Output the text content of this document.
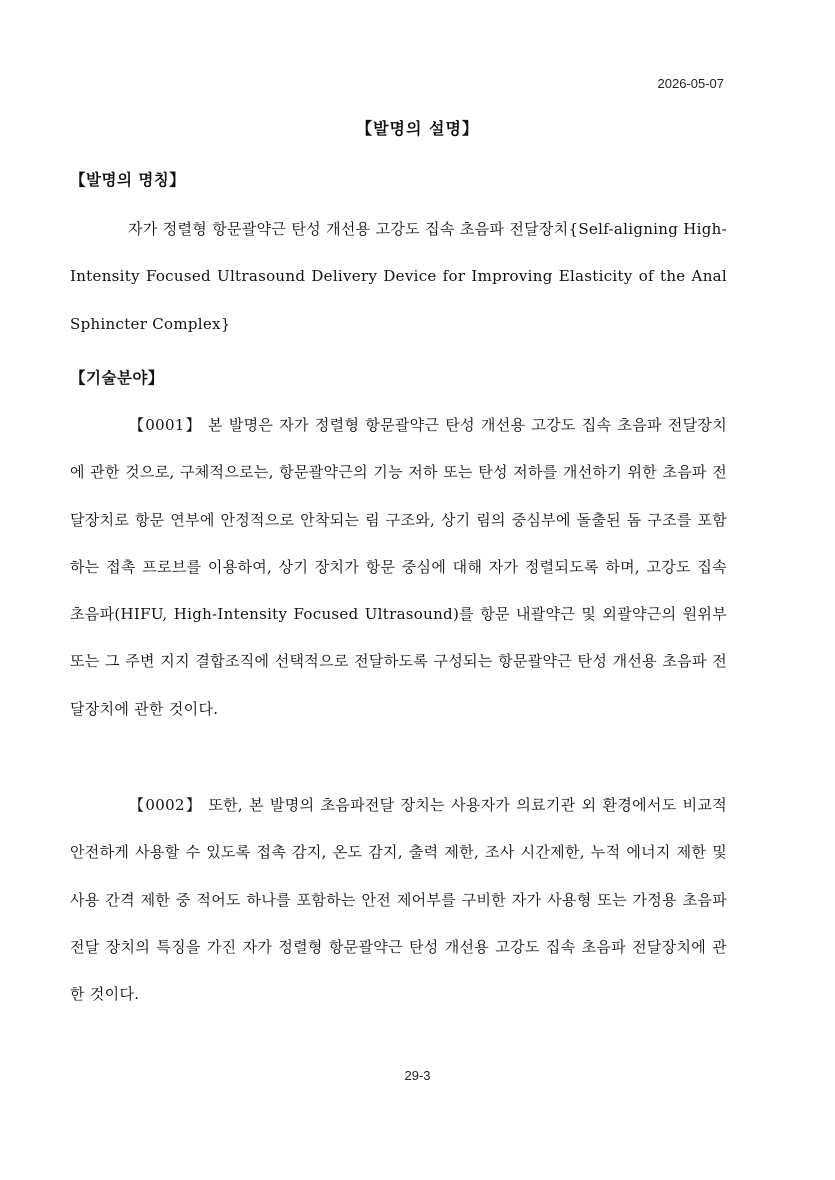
2026-05-07
【발명의 설명】
【발명의 명칭】

자가 정렬형 항문괄약근 탄성 개선용 고강도 집속 초음파 전달장치{Self-aligning High-Intensity Focused Ultrasound Delivery Device for Improving Elasticity of the Anal Sphincter Complex}

【기술분야】

【0001】 본 발명은 자가 정렬형 항문괄약근 탄성 개선용 고강도 집속 초음파 전달장치에 관한 것으로, 구체적으로는, 항문괄약근의 기능 저하 또는 탄성 저하를 개선하기 위한 초음파 전달장치로 항문 연부에 안정적으로 안착되는 림 구조와, 상기 림의 중심부에 돌출된 돔 구조를 포함하는 접촉 프로브를 이용하여, 상기 장치가 항문 중심에 대해 자가 정렬되도록 하며, 고강도 집속 초음파(HIFU, High-Intensity Focused Ultrasound)를 항문 내괄약근 및 외괄약근의 원위부 또는 그 주변 지지 결합조직에 선택적으로 전달하도록 구성되는 항문괄약근 탄성 개선용 초음파 전달장치에 관한 것이다.

【0002】 또한, 본 발명의 초음파전달 장치는 사용자가 의료기관 외 환경에서도 비교적 안전하게 사용할 수 있도록 접촉 감지, 온도 감지, 출력 제한, 조사 시간제한, 누적 에너지 제한 및 사용 간격 제한 중 적어도 하나를 포함하는 안전 제어부를 구비한 자가 사용형 또는 가정용 초음파전달 장치의 특징을 가진 자가 정렬형 항문괄약근 탄성 개선용 고강도 집속 초음파 전달장치에 관한 것이다.

29-3
